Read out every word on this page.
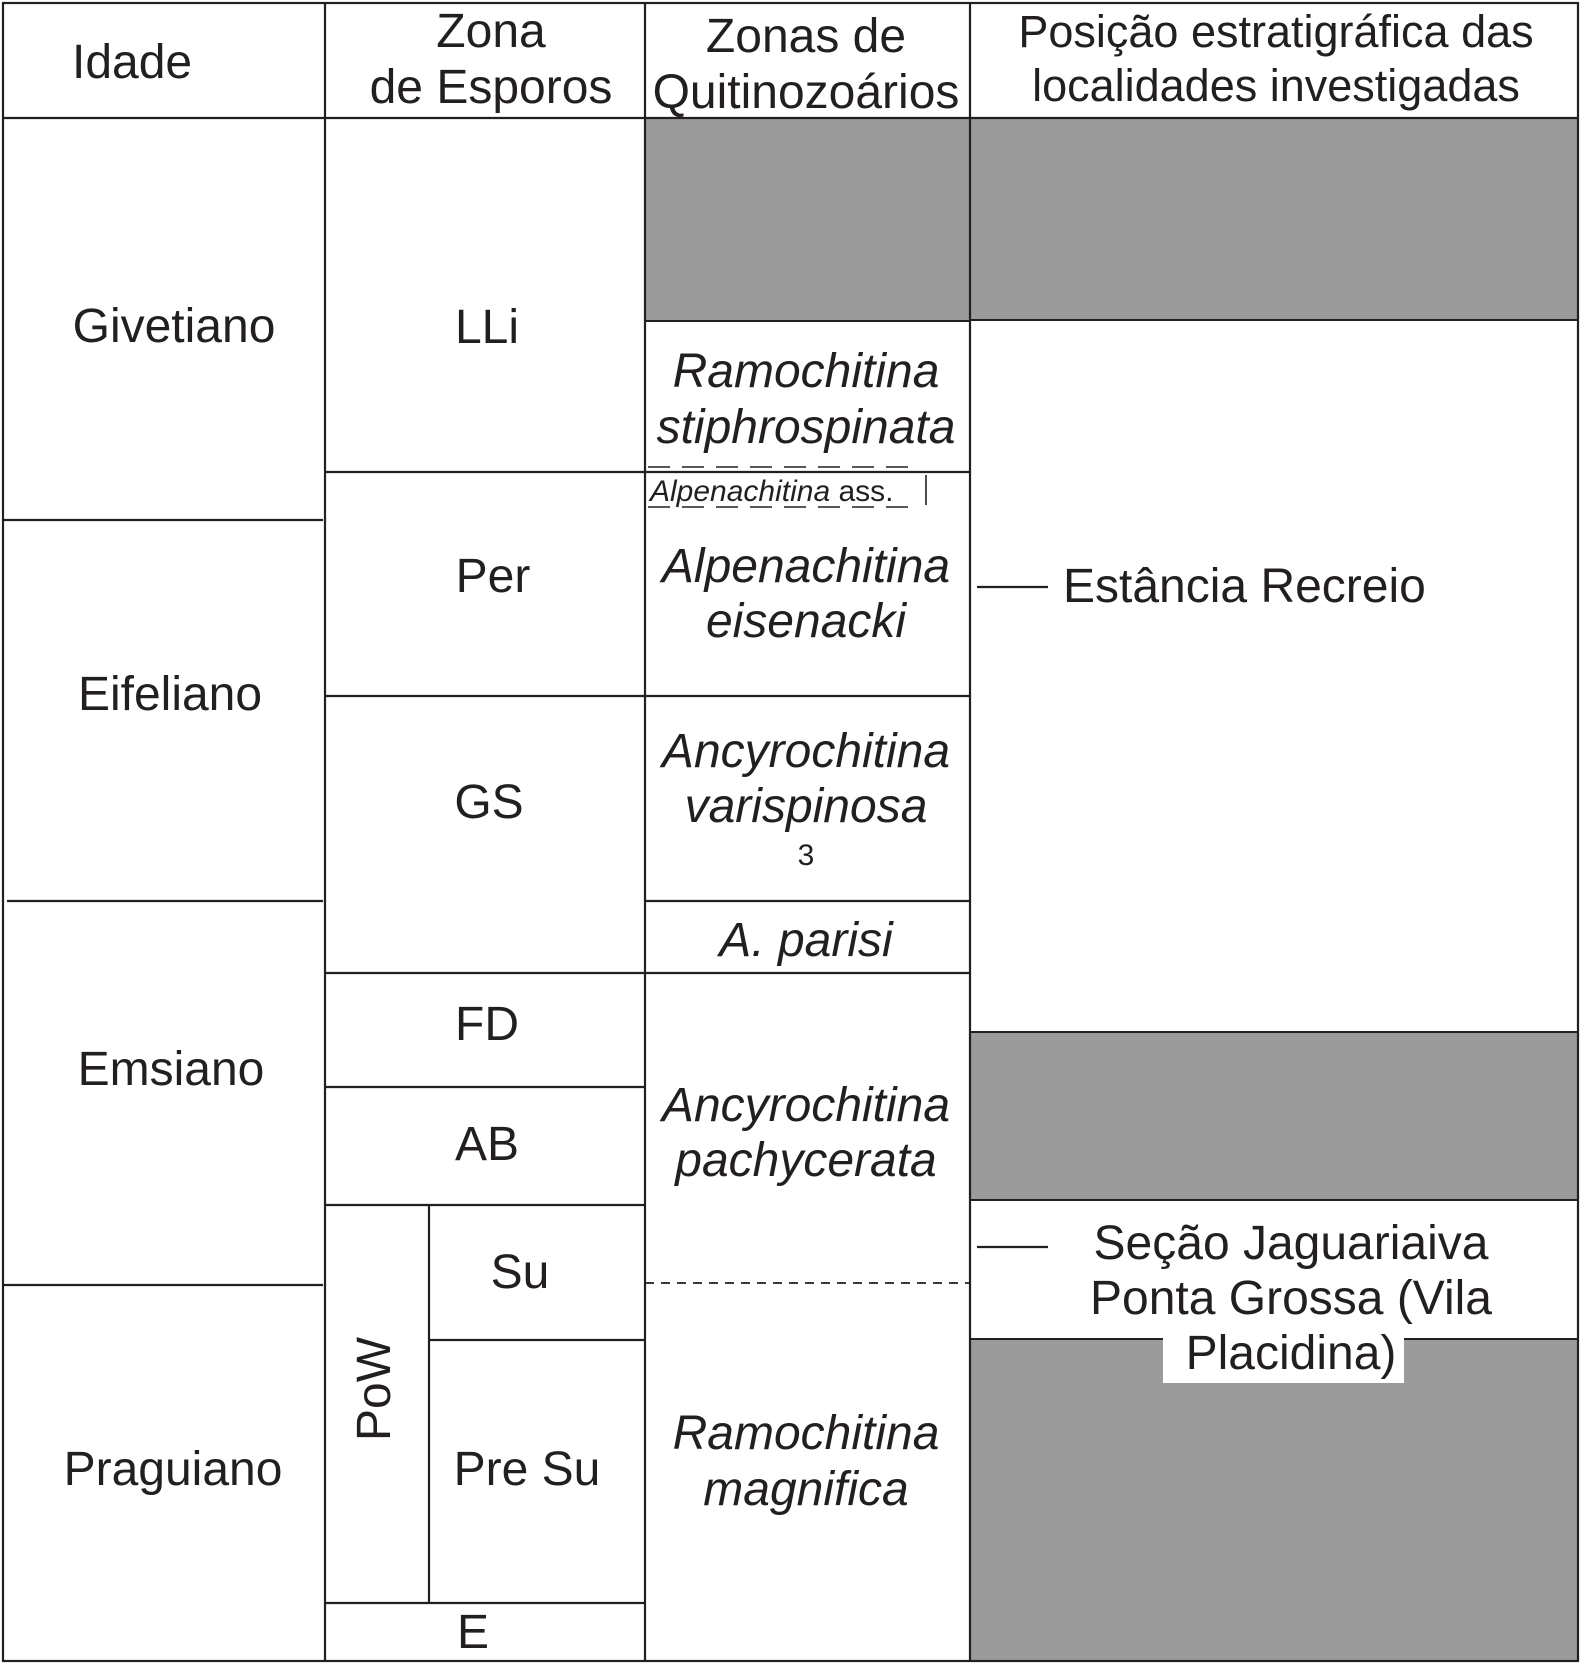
Idade
Zona
de Esporos
Zonas de
Quitinozoários
Posição estratigráfica das
localidades investigadas
Givetiano
Eifeliano
Emsiano
Praguiano
LLi
Per
GS
FD
AB
PoW
Su
Pre Su
E
Ramochitina
stiphrospinata
Alpenachitina ass.
Alpenachitina
eisenacki
Ancyrochitina
varispinosa
3
A. parisi
Ancyrochitina
pachycerata
Ramochitina
magnifica
Estância Recreio
Seção Jaguariaiva
Ponta Grossa (Vila
Placidina)
